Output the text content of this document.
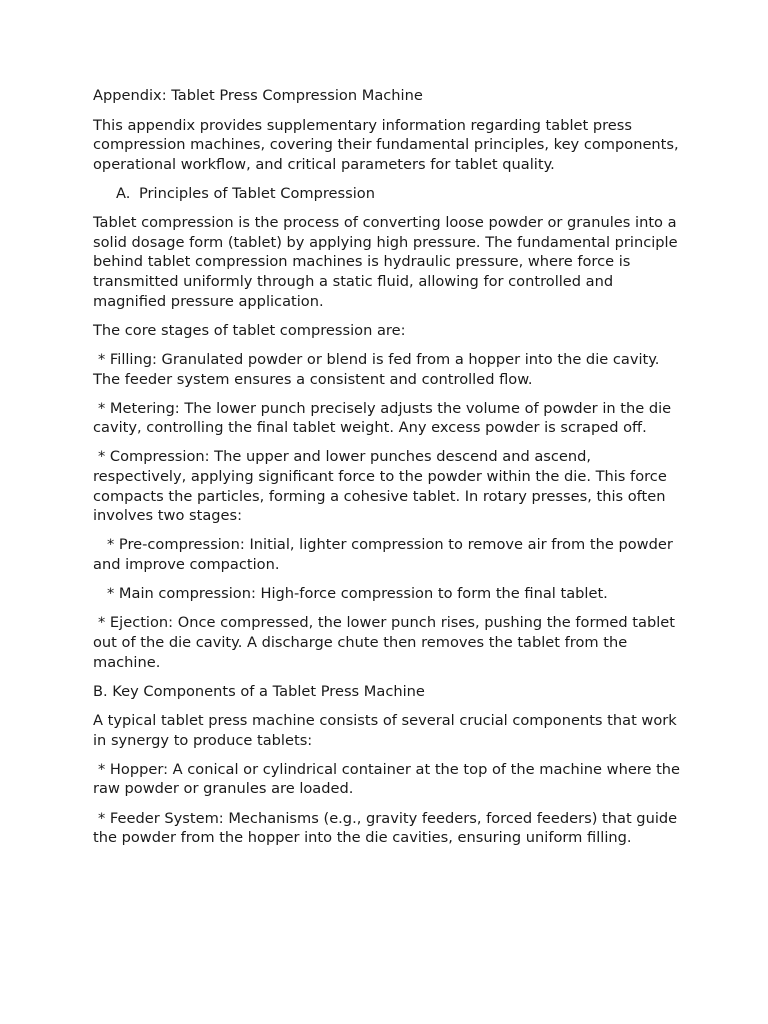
Appendix: Tablet Press Compression Machine

This appendix provides supplementary information regarding tablet press compression machines, covering their fundamental principles, key components, operational workflow, and critical parameters for tablet quality.

A. Principles of Tablet Compression

Tablet compression is the process of converting loose powder or granules into a solid dosage form (tablet) by applying high pressure. The fundamental principle behind tablet compression machines is hydraulic pressure, where force is transmitted uniformly through a static fluid, allowing for controlled and magnified pressure application.

The core stages of tablet compression are:

* Filling: Granulated powder or blend is fed from a hopper into the die cavity. The feeder system ensures a consistent and controlled flow.

* Metering: The lower punch precisely adjusts the volume of powder in the die cavity, controlling the final tablet weight. Any excess powder is scraped off.

* Compression: The upper and lower punches descend and ascend, respectively, applying significant force to the powder within the die. This force compacts the particles, forming a cohesive tablet. In rotary presses, this often involves two stages:

* Pre-compression: Initial, lighter compression to remove air from the powder and improve compaction.

* Main compression: High-force compression to form the final tablet.

* Ejection: Once compressed, the lower punch rises, pushing the formed tablet out of the die cavity. A discharge chute then removes the tablet from the machine.

B. Key Components of a Tablet Press Machine

A typical tablet press machine consists of several crucial components that work in synergy to produce tablets:

* Hopper: A conical or cylindrical container at the top of the machine where the raw powder or granules are loaded.

* Feeder System: Mechanisms (e.g., gravity feeders, forced feeders) that guide the powder from the hopper into the die cavities, ensuring uniform filling.
